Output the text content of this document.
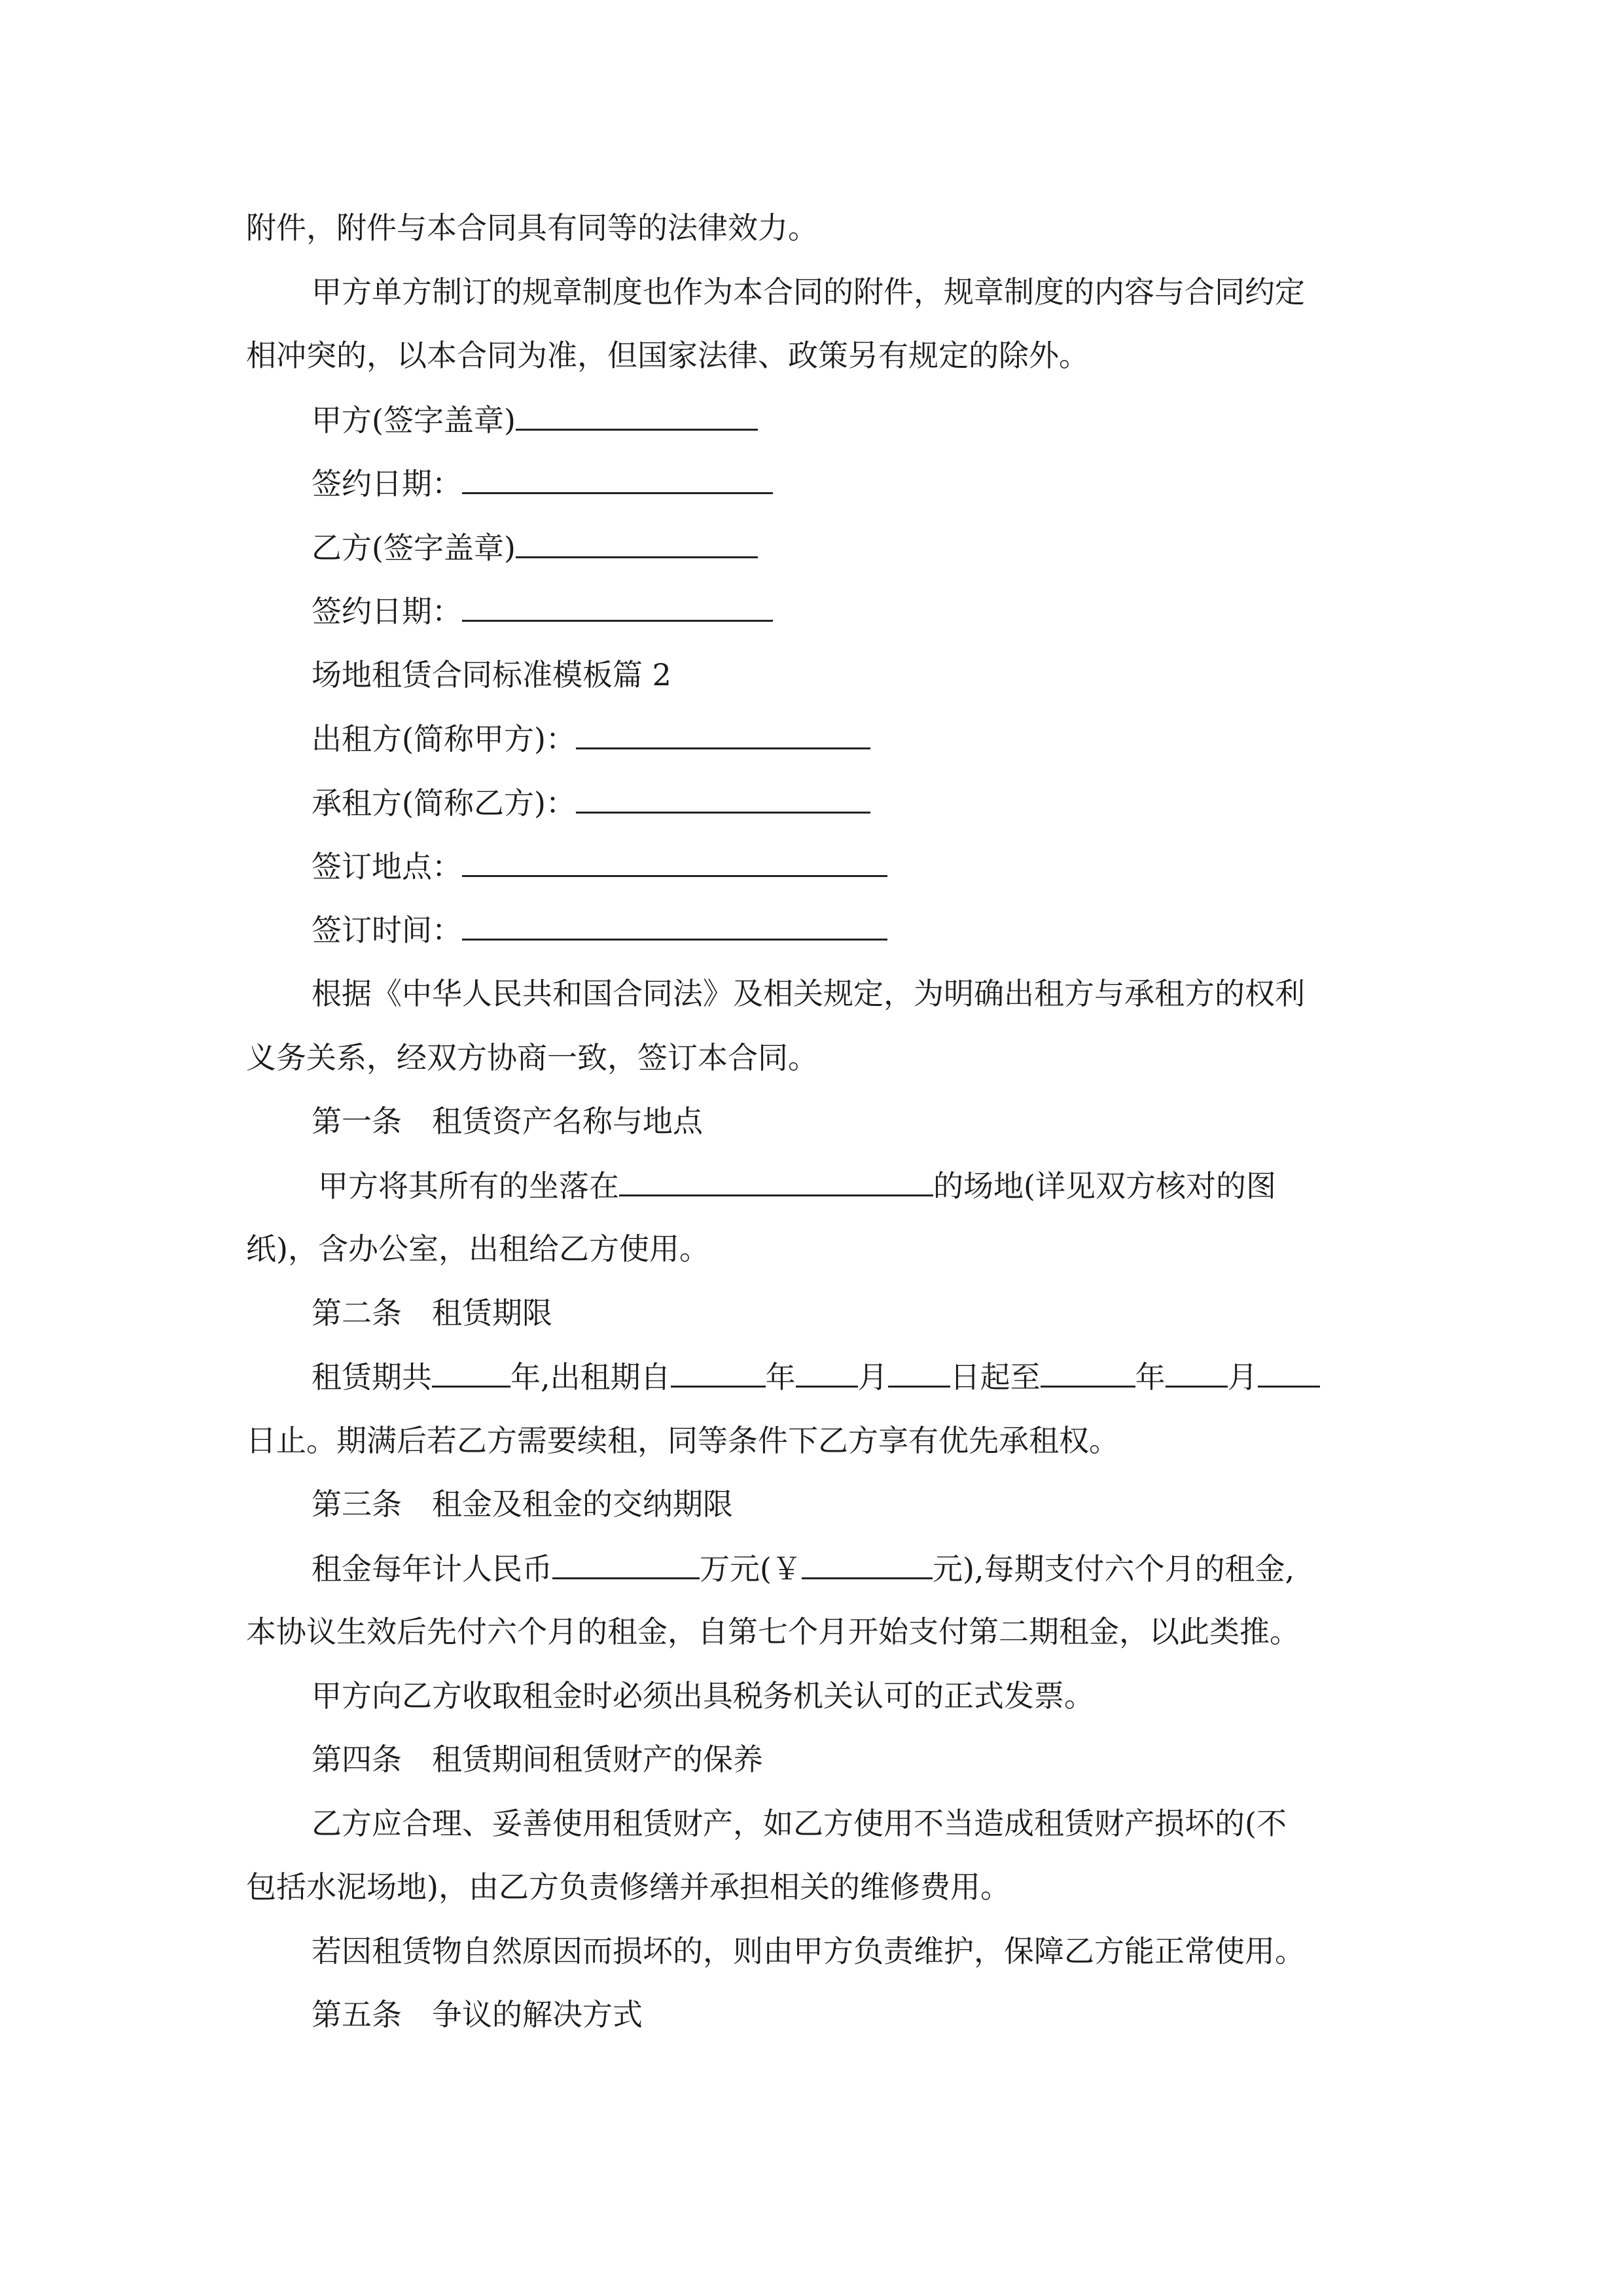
附件，附件与本合同具有同等的法律效力。
甲方单方制订的规章制度也作为本合同的附件，规章制度的内容与合同约定
相冲突的，以本合同为准，但国家法律、政策另有规定的除外。
甲方(签字盖章)
签约日期：
乙方(签字盖章)
签约日期：
场地租赁合同标准模板篇 2
出租方(简称甲方)：
承租方(简称乙方)：
签订地点：
签订时间：
根据《中华人民共和国合同法》及相关规定，为明确出租方与承租方的权利
义务关系，经双方协商一致，签订本合同。
第一条　租赁资产名称与地点
甲方将其所有的坐落在	的场地(详见双方核对的图
纸)，含办公室，出租给乙方使用。
第二条　租赁期限
租赁期共	年,出租期自	年 月 日起至	年 月
日止。期满后若乙方需要续租，同等条件下乙方享有优先承租权。
第三条　租金及租金的交纳期限
租金每年计人民币	万元(￥	元),每期支付六个月的租金,
本协议生效后先付六个月的租金，自第七个月开始支付第二期租金，以此类推。
甲方向乙方收取租金时必须出具税务机关认可的正式发票。
第四条　租赁期间租赁财产的保养
乙方应合理、妥善使用租赁财产，如乙方使用不当造成租赁财产损坏的(不
包括水泥场地)，由乙方负责修缮并承担相关的维修费用。
若因租赁物自然原因而损坏的，则由甲方负责维护，保障乙方能正常使用。
第五条　争议的解决方式
